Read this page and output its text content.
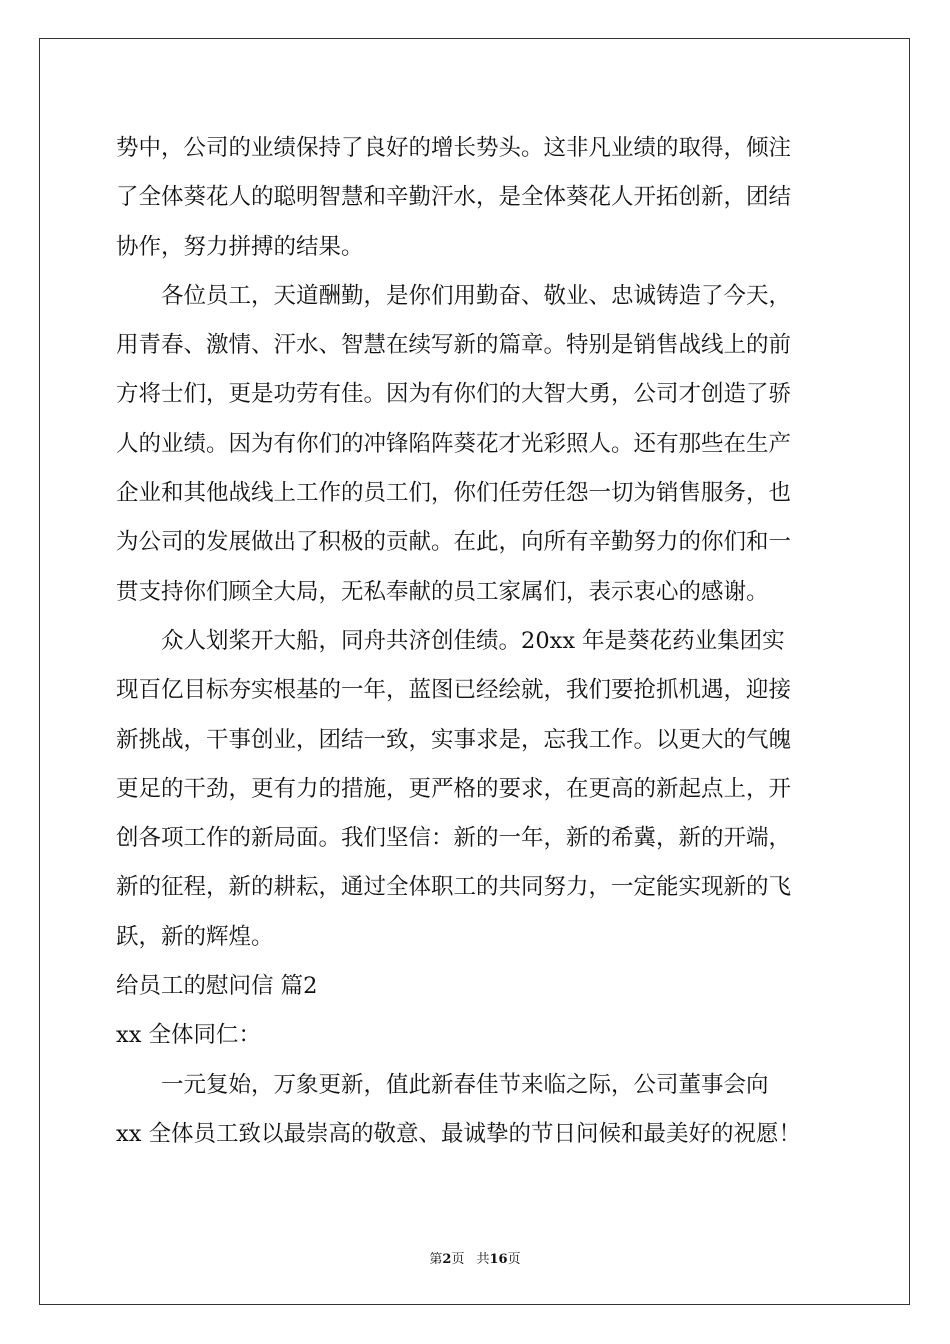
势中，公司的业绩保持了良好的增长势头。这非凡业绩的取得，倾注
了全体葵花人的聪明智慧和辛勤汗水，是全体葵花人开拓创新，团结
协作，努力拼搏的结果。

各位员工，天道酬勤，是你们用勤奋、敬业、忠诚铸造了今天，
用青春、激情、汗水、智慧在续写新的篇章。特别是销售战线上的前
方将士们，更是功劳有佳。因为有你们的大智大勇，公司才创造了骄
人的业绩。因为有你们的冲锋陷阵葵花才光彩照人。还有那些在生产
企业和其他战线上工作的员工们，你们任劳任怨一切为销售服务，也
为公司的发展做出了积极的贡献。在此，向所有辛勤努力的你们和一
贯支持你们顾全大局，无私奉献的员工家属们，表示衷心的感谢。

众人划桨开大船，同舟共济创佳绩。20xx 年是葵花药业集团实
现百亿目标夯实根基的一年，蓝图已经绘就，我们要抢抓机遇，迎接
新挑战，干事创业，团结一致，实事求是，忘我工作。以更大的气魄
更足的干劲，更有力的措施，更严格的要求，在更高的新起点上，开
创各项工作的新局面。我们坚信：新的一年，新的希冀，新的开端，
新的征程，新的耕耘，通过全体职工的共同努力，一定能实现新的飞
跃，新的辉煌。

给员工的慰问信 篇2

xx 全体同仁：

一元复始，万象更新，值此新春佳节来临之际，公司董事会向
xx 全体员工致以最崇高的敬意、最诚挚的节日问候和最美好的祝愿！

第2页 共16页
